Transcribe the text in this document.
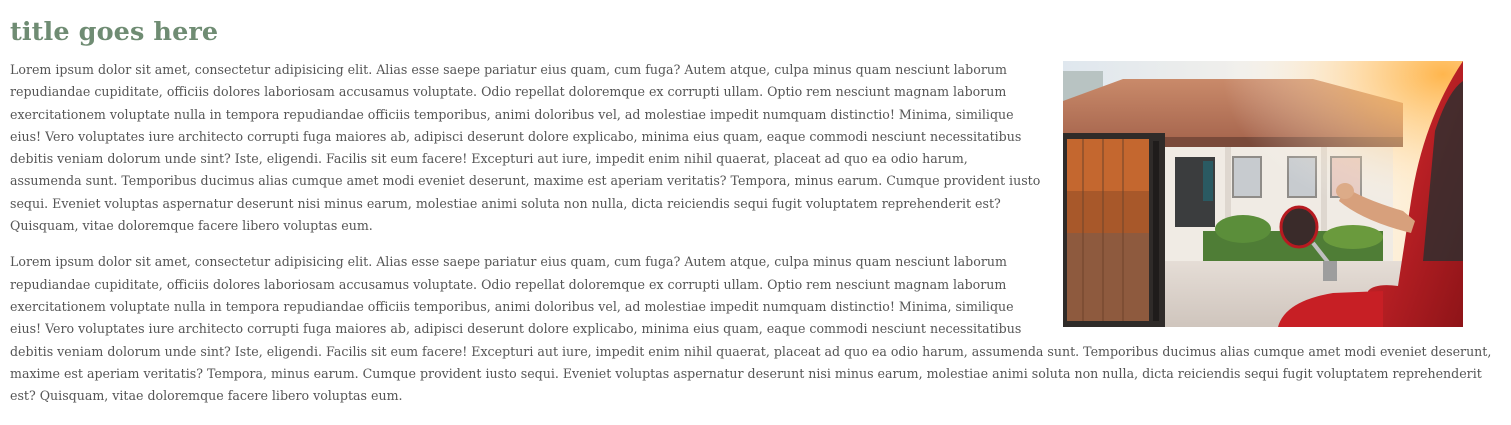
title goes here

Lorem ipsum dolor sit amet, consectetur adipisicing elit. Alias esse saepe pariatur eius quam, cum fuga? Autem atque, culpa minus quam nesciunt laborum repudiandae cupiditate, officiis dolores laboriosam accusamus voluptate. Odio repellat doloremque ex corrupti ullam. Optio rem nesciunt magnam laborum exercitationem voluptate nulla in tempora repudiandae officiis temporibus, animi doloribus vel, ad molestiae impedit numquam distinctio! Minima, similique eius! Vero voluptates iure architecto corrupti fuga maiores ab, adipisci deserunt dolore explicabo, minima eius quam, eaque commodi nesciunt necessitatibus debitis veniam dolorum unde sint? Iste, eligendi. Facilis sit eum facere! Excepturi aut iure, impedit enim nihil quaerat, placeat ad quo ea odio harum, assumenda sunt. Temporibus ducimus alias cumque amet modi eveniet deserunt, maxime est aperiam veritatis? Tempora, minus earum. Cumque provident iusto sequi. Eveniet voluptas aspernatur deserunt nisi minus earum, molestiae animi soluta non nulla, dicta reiciendis sequi fugit voluptatem reprehenderit est? Quisquam, vitae doloremque facere libero voluptas eum.

Lorem ipsum dolor sit amet, consectetur adipisicing elit. Alias esse saepe pariatur eius quam, cum fuga? Autem atque, culpa minus quam nesciunt laborum repudiandae cupiditate, officiis dolores laboriosam accusamus voluptate. Odio repellat doloremque ex corrupti ullam. Optio rem nesciunt magnam laborum exercitationem voluptate nulla in tempora repudiandae officiis temporibus, animi doloribus vel, ad molestiae impedit numquam distinctio! Minima, similique eius! Vero voluptates iure architecto corrupti fuga maiores ab, adipisci deserunt dolore explicabo, minima eius quam, eaque commodi nesciunt necessitatibus debitis veniam dolorum unde sint? Iste, eligendi. Facilis sit eum facere! Excepturi aut iure, impedit enim nihil quaerat, placeat ad quo ea odio harum, assumenda sunt. Temporibus ducimus alias cumque amet modi eveniet deserunt, maxime est aperiam veritatis? Tempora, minus earum. Cumque provident iusto sequi. Eveniet voluptas aspernatur deserunt nisi minus earum, molestiae animi soluta non nulla, dicta reiciendis sequi fugit voluptatem reprehenderit est? Quisquam, vitae doloremque facere libero voluptas eum.
